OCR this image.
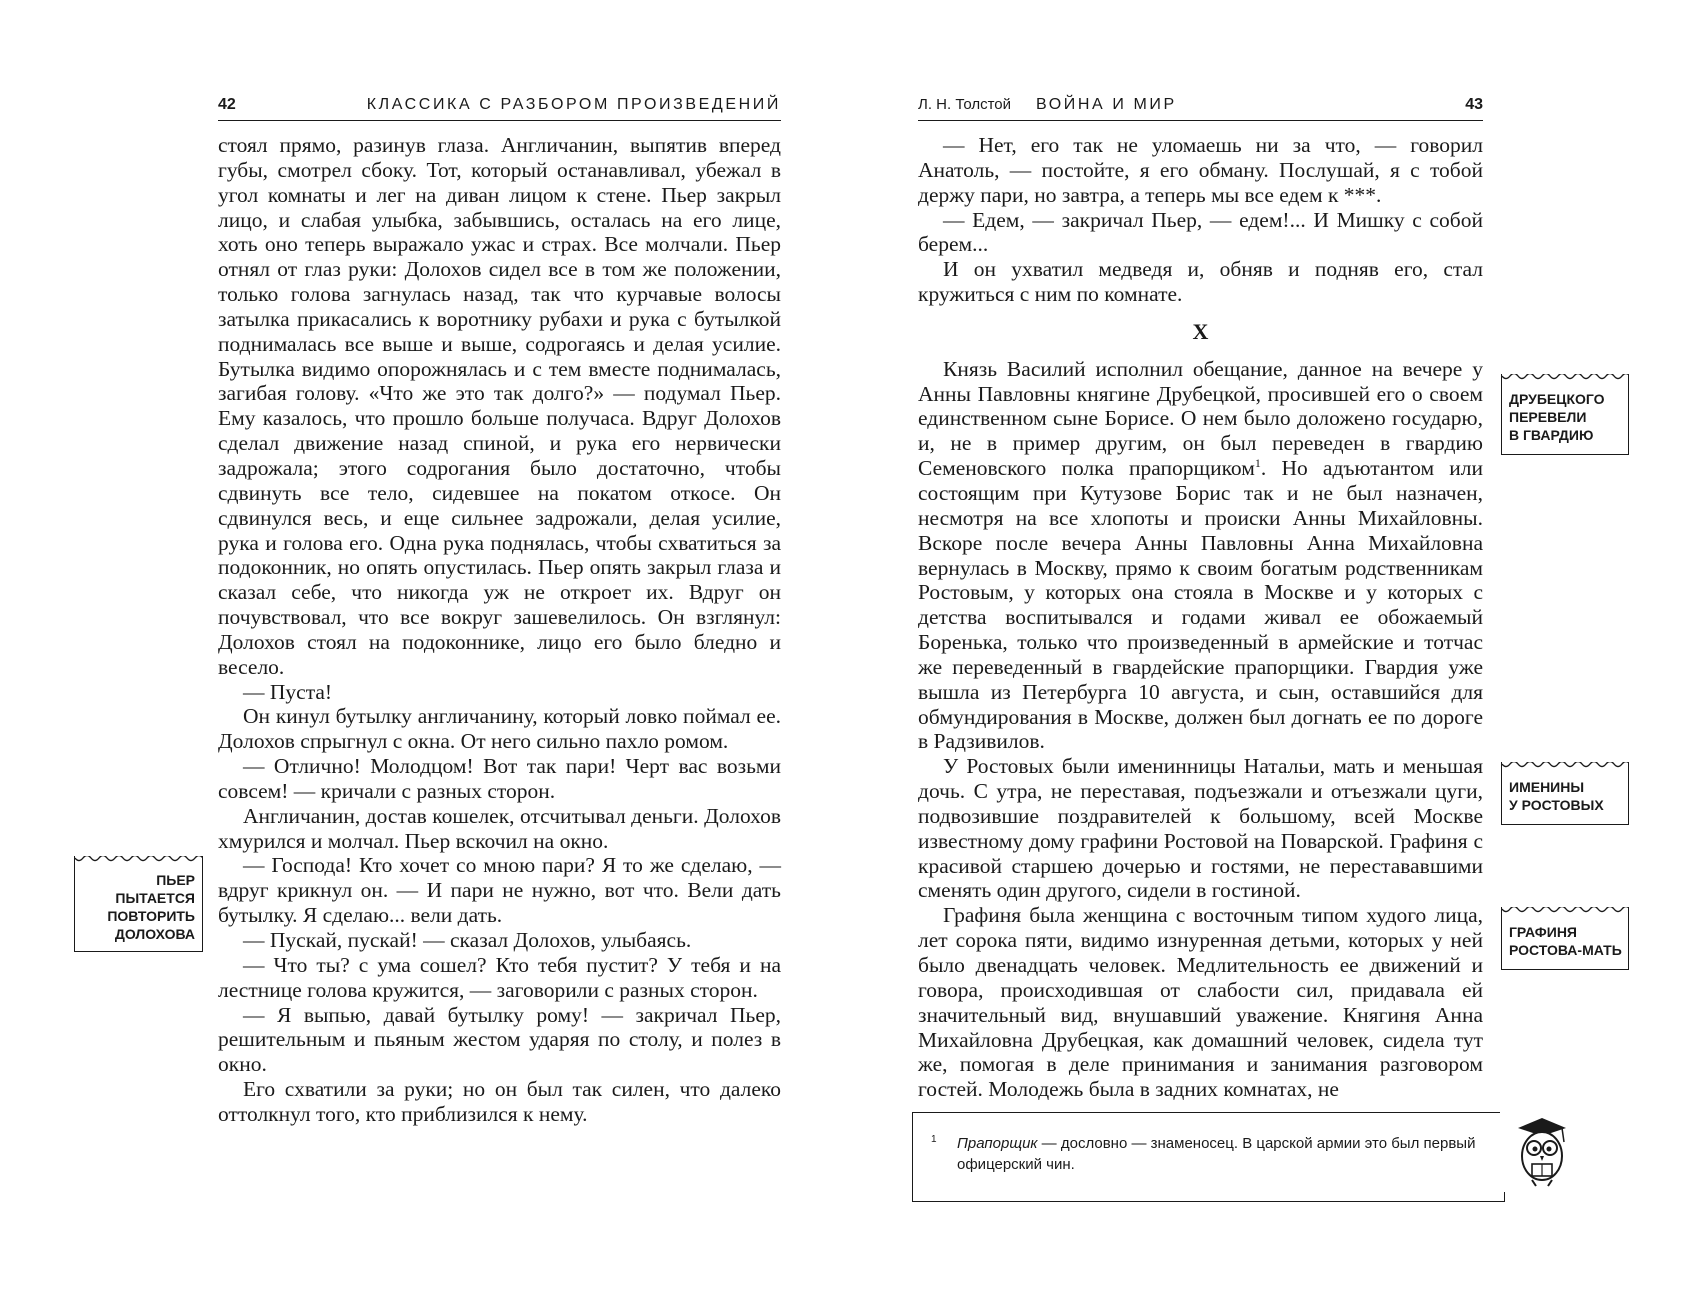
42	КЛАССИКА С РАЗБОРОМ ПРОИЗВЕДЕНИЙ

стоял прямо, разинув глаза. Англичанин, выпятив вперед губы, смотрел сбоку. Тот, который останавливал, убежал в угол комнаты и лег на диван лицом к стене. Пьер закрыл лицо, и слабая улыбка, забывшись, осталась на его лице, хоть оно теперь выражало ужас и страх. Все молчали. Пьер отнял от глаз руки: Долохов сидел все в том же положении, только голова загнулась назад, так что курчавые волосы затылка прикасались к воротнику рубахи и рука с бутылкой поднималась все выше и выше, содрогаясь и делая усилие. Бутылка видимо опорожнялась и с тем вместе поднималась, загибая голову. «Что же это так долго?» — подумал Пьер. Ему казалось, что прошло больше получаса. Вдруг Долохов сделал движение назад спиной, и рука его нервически задрожала; этого содрогания было достаточно, чтобы сдвинуть все тело, сидевшее на покатом откосе. Он сдвинулся весь, и еще сильнее задрожали, делая усилие, рука и голова его. Одна рука поднялась, чтобы схватиться за подоконник, но опять опустилась. Пьер опять закрыл глаза и сказал себе, что никогда уж не откроет их. Вдруг он почувствовал, что все вокруг зашевелилось. Он взглянул: Долохов стоял на подоконнике, лицо его было бледно и весело.

— Пуста!

Он кинул бутылку англичанину, который ловко поймал ее. Долохов спрыгнул с окна. От него сильно пахло ромом.

— Отлично! Молодцом! Вот так пари! Черт вас возьми совсем! — кричали с разных сторон.

Англичанин, достав кошелек, отсчитывал деньги. Долохов хмурился и молчал. Пьер вскочил на окно.

— Господа! Кто хочет со мною пари? Я то же сделаю, — вдруг крикнул он. — И пари не нужно, вот что. Вели дать бутылку. Я сделаю... вели дать.

— Пускай, пускай! — сказал Долохов, улыбаясь.

— Что ты? с ума сошел? Кто тебя пустит? У тебя и на лестнице голова кружится, — заговорили с разных сторон.

— Я выпью, давай бутылку рому! — закричал Пьер, решительным и пьяным жестом ударяя по столу, и полез в окно.

Его схватили за руки; но он был так силен, что далеко оттолкнул того, кто приблизился к нему.

ПЬЕР
ПЫТАЕТСЯ
ПОВТОРИТЬ
ДОЛОХОВА
Л. Н. Толстой ВОЙНА И МИР	43

— Нет, его так не уломаешь ни за что, — говорил Анатоль, — постойте, я его обману. Послушай, я с тобой держу пари, но завтра, а теперь мы все едем к ***.

— Едем, — закричал Пьер, — едем!... И Мишку с собой берем...

И он ухватил медведя и, обняв и подняв его, стал кружиться с ним по комнате.

X

Князь Василий исполнил обещание, данное на вечере у Анны Павловны княгине Друбецкой, просившей его о своем единственном сыне Борисе. О нем было доложено государю, и, не в пример другим, он был переведен в гвардию Семеновского полка прапорщиком$^1$. Но адъютантом или состоящим при Кутузове Борис так и не был назначен, несмотря на все хлопоты и происки Анны Михайловны. Вскоре после вечера Анны Павловны Анна Михайловна вернулась в Москву, прямо к своим богатым родственникам Ростовым, у которых она стояла в Москве и у которых с детства воспитывался и годами живал ее обожаемый Боренька, только что произведенный в армейские и тотчас же переведенный в гвардейские прапорщики. Гвардия уже вышла из Петербурга 10 августа, и сын, оставшийся для обмундирования в Москве, должен был догнать ее по дороге в Радзивилов.

У Ростовых были именинницы Натальи, мать и меньшая дочь. С утра, не переставая, подъезжали и отъезжали цуги, подвозившие поздравителей к большому, всей Москве известному дому графини Ростовой на Поварской. Графиня с красивой старшею дочерью и гостями, не перестававшими сменять один другого, сидели в гостиной.

Графиня была женщина с восточным типом худого лица, лет сорока пяти, видимо изнуренная детьми, которых у ней было двенадцать человек. Медлительность ее движений и говора, происходившая от слабости сил, придавала ей значительный вид, внушавший уважение. Княгиня Анна Михайловна Друбецкая, как домашний человек, сидела тут же, помогая в деле принимания и занимания разговором гостей. Молодежь была в задних комнатах, не

ДРУБЕЦКОГО
ПЕРЕВЕЛИ
В ГВАРДИЮ
ИМЕНИНЫ
У РОСТОВЫХ
ГРАФИНЯ
РОСТОВА-МАТЬ
1 Прапорщик — дословно — знаменосец. В царской армии это был первый офицерский чин.
